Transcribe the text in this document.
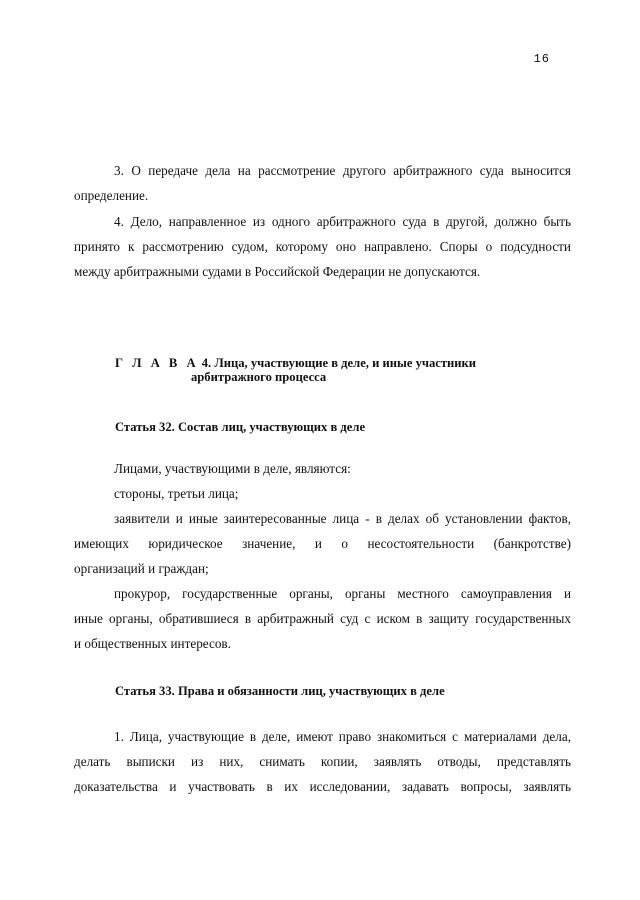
16

3. О передаче дела на рассмотрение другого арбитражного суда выносится

определение.

4. Дело, направленное из одного арбитражного суда в другой, должно быть

принято к рассмотрению судом, которому оно направлено. Споры о подсудности

между арбитражными судами в Российской Федерации не допускаются.

Г Л А В А 4. Лица, участвующие в деле, и иные участники
арбитражного процесса
Статья 32. Состав лиц, участвующих в деле

Лицами, участвующими в деле, являются:

стороны, третьи лица;

заявители и иные заинтересованные лица - в делах об установлении фактов,

имеющих юридическое значение, и о несостоятельности (банкротстве)

организаций и граждан;

прокурор, государственные органы, органы местного самоуправления и

иные органы, обратившиеся в арбитражный суд с иском в защиту государственных

и общественных интересов.

Статья 33. Права и обязанности лиц, участвующих в деле

1. Лица, участвующие в деле, имеют право знакомиться с материалами дела,

делать выписки из них, снимать копии, заявлять отводы, представлять

доказательства и участвовать в их исследовании, задавать вопросы, заявлять
